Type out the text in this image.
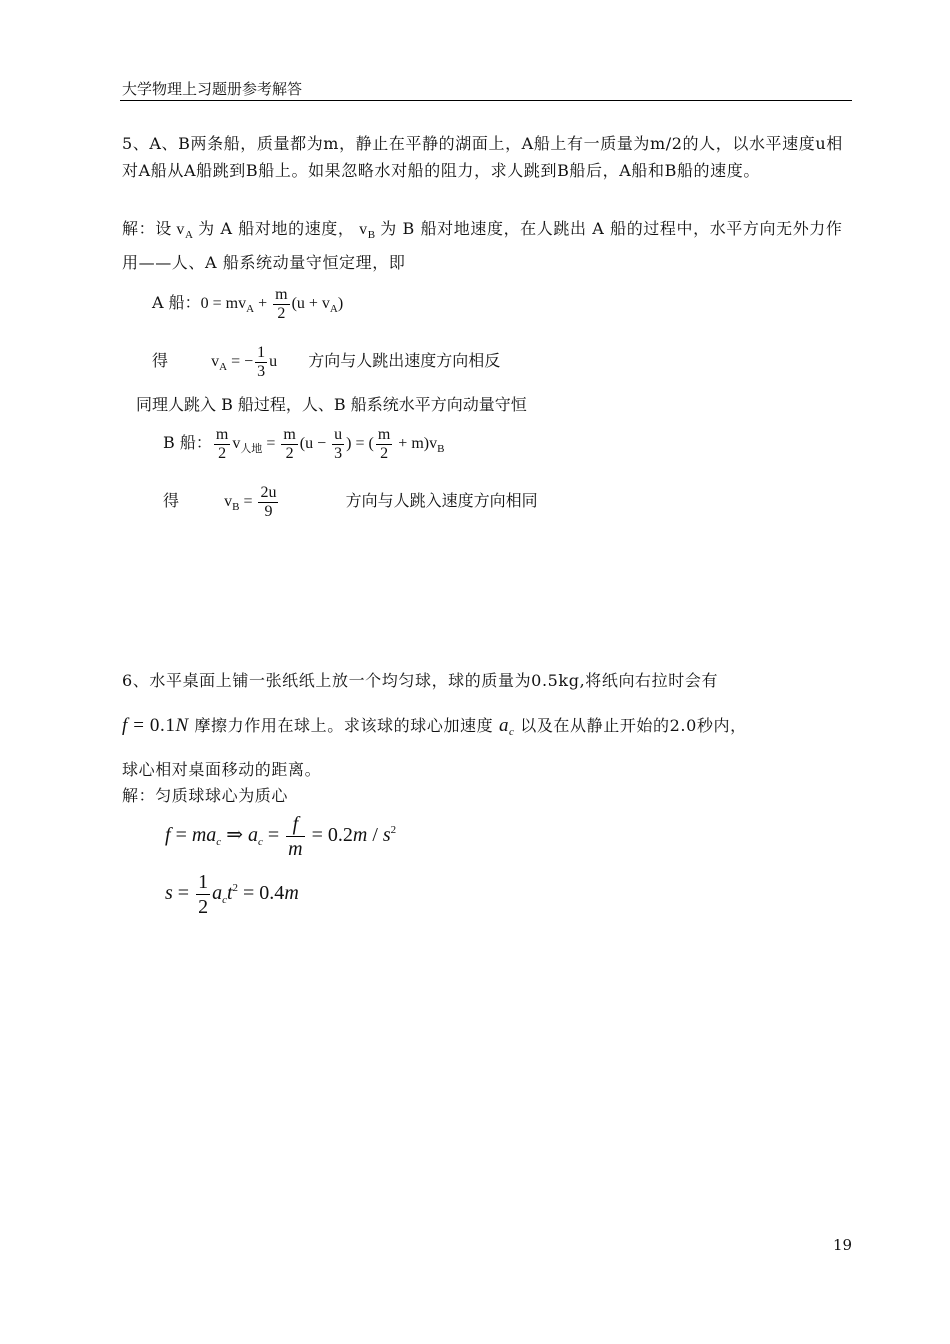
大学物理上习题册参考解答
5、A、B两条船，质量都为m，静止在平静的湖面上，A船上有一质量为m/2的人，以水平速度u相对A船从A船跳到B船上。如果忽略水对船的阻力，求人跳到B船后，A船和B船的速度。
解：设 $v_A$ 为 A 船对地的速度， $v_B$ 为 B 船对地速度，在人跳出 A 船的过程中，水平方向无外力作用——人、A 船系统动量守恒定理，即
A 船：$0 = mv_A + \frac{m}{2} (u + v_A)$
得	$v_A$ = − $\frac{1}{3}$ u 方向与人跳出速度方向相反
同理人跳入 B 船过程，人、B 船系统水平方向动量守恒
B 船： $\frac{m}{2} v_{人地} = \frac{m}{2} (u - \frac{u}{3}$ ) = ( $\frac{m}{2} + m)v_B$
得	$v_B = \frac{2u}{9}$	方向与人跳入速度方向相同
6、水平桌面上铺一张纸纸上放一个均匀球，球的质量为0.5kg,将纸向右拉时会有
f = 0.1N 摩擦力作用在球上。求该球的球心加速度 $a_c$ 以及在从静止开始的2.0秒内，
球心相对桌面移动的距离。
解：匀质球球心为质心
$f = ma_c$ ⇒ $a_c = \frac{f}{m} = 0.2m / s^2$
$s = \frac{1}{2} a_ct^2 = 0.4m$
19
